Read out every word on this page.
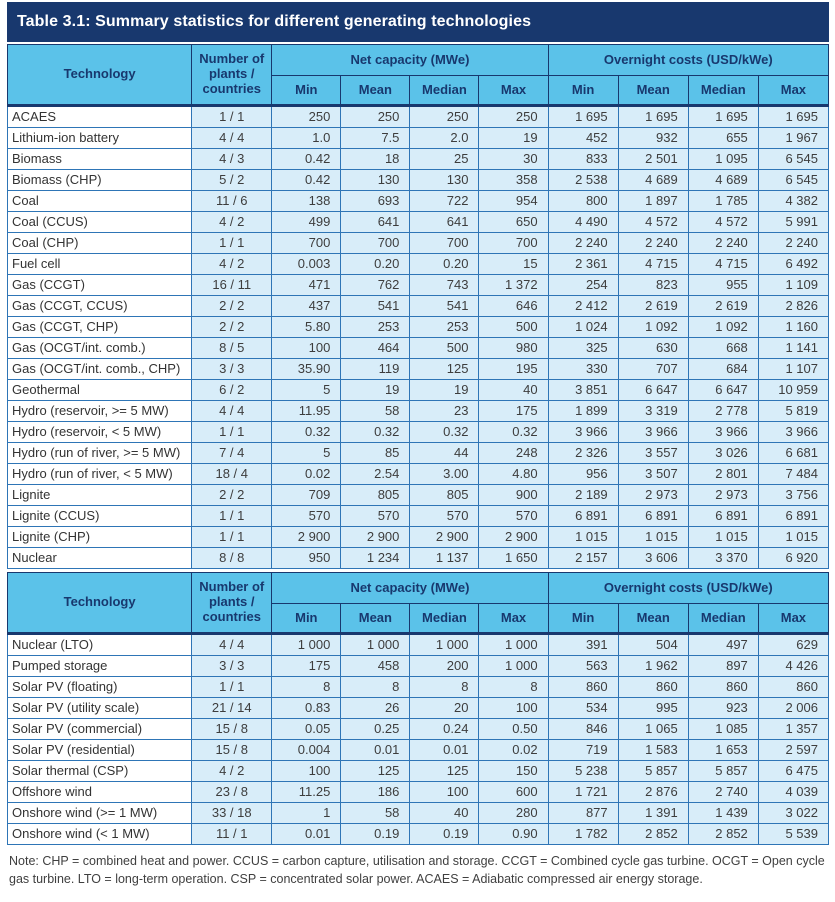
Table 3.1: Summary statistics for different generating technologies
Technology	Number of plants / countries	Net capacity (MWe)				Overnight costs (USD/kWe)			
		Min	Mean	Median	Max	Min	Mean	Median	Max
ACAES	1 / 1	250	250	250	250	1 695	1 695	1 695	1 695
Lithium-ion battery	4 / 4	1.0	7.5	2.0	19	452	932	655	1 967
Biomass	4 / 3	0.42	18	25	30	833	2 501	1 095	6 545
Biomass (CHP)	5 / 2	0.42	130	130	358	2 538	4 689	4 689	6 545
Coal	11 / 6	138	693	722	954	800	1 897	1 785	4 382
Coal (CCUS)	4 / 2	499	641	641	650	4 490	4 572	4 572	5 991
Coal (CHP)	1 / 1	700	700	700	700	2 240	2 240	2 240	2 240
Fuel cell	4 / 2	0.003	0.20	0.20	15	2 361	4 715	4 715	6 492
Gas (CCGT)	16 / 11	471	762	743	1 372	254	823	955	1 109
Gas (CCGT, CCUS)	2 / 2	437	541	541	646	2 412	2 619	2 619	2 826
Gas (CCGT, CHP)	2 / 2	5.80	253	253	500	1 024	1 092	1 092	1 160
Gas (OCGT/int. comb.)	8 / 5	100	464	500	980	325	630	668	1 141
Gas (OCGT/int. comb., CHP)	3 / 3	35.90	119	125	195	330	707	684	1 107
Geothermal	6 / 2	5	19	19	40	3 851	6 647	6 647	10 959
Hydro (reservoir, >= 5 MW)	4 / 4	11.95	58	23	175	1 899	3 319	2 778	5 819
Hydro (reservoir, < 5 MW)	1 / 1	0.32	0.32	0.32	0.32	3 966	3 966	3 966	3 966
Hydro (run of river, >= 5 MW)	7 / 4	5	85	44	248	2 326	3 557	3 026	6 681
Hydro (run of river, < 5 MW)	18 / 4	0.02	2.54	3.00	4.80	956	3 507	2 801	7 484
Lignite	2 / 2	709	805	805	900	2 189	2 973	2 973	3 756
Lignite (CCUS)	1 / 1	570	570	570	570	6 891	6 891	6 891	6 891
Lignite (CHP)	1 / 1	2 900	2 900	2 900	2 900	1 015	1 015	1 015	1 015
Nuclear	8 / 8	950	1 234	1 137	1 650	2 157	3 606	3 370	6 920
Technology	Number of plants / countries	Net capacity (MWe)				Overnight costs (USD/kWe)			
		Min	Mean	Median	Max	Min	Mean	Median	Max
Nuclear (LTO)	4 / 4	1 000	1 000	1 000	1 000	391	504	497	629
Pumped storage	3 / 3	175	458	200	1 000	563	1 962	897	4 426
Solar PV (floating)	1 / 1	8	8	8	8	860	860	860	860
Solar PV (utility scale)	21 / 14	0.83	26	20	100	534	995	923	2 006
Solar PV (commercial)	15 / 8	0.05	0.25	0.24	0.50	846	1 065	1 085	1 357
Solar PV (residential)	15 / 8	0.004	0.01	0.01	0.02	719	1 583	1 653	2 597
Solar thermal (CSP)	4 / 2	100	125	125	150	5 238	5 857	5 857	6 475
Offshore wind	23 / 8	11.25	186	100	600	1 721	2 876	2 740	4 039
Onshore wind (>= 1 MW)	33 / 18	1	58	40	280	877	1 391	1 439	3 022
Onshore wind (< 1 MW)	11 / 1	0.01	0.19	0.19	0.90	1 782	2 852	2 852	5 539
Note: CHP = combined heat and power. CCUS = carbon capture, utilisation and storage. CCGT = Combined cycle gas turbine. OCGT = Open cycle gas turbine. LTO = long-term operation. CSP = concentrated solar power. ACAES = Adiabatic compressed air energy storage.
